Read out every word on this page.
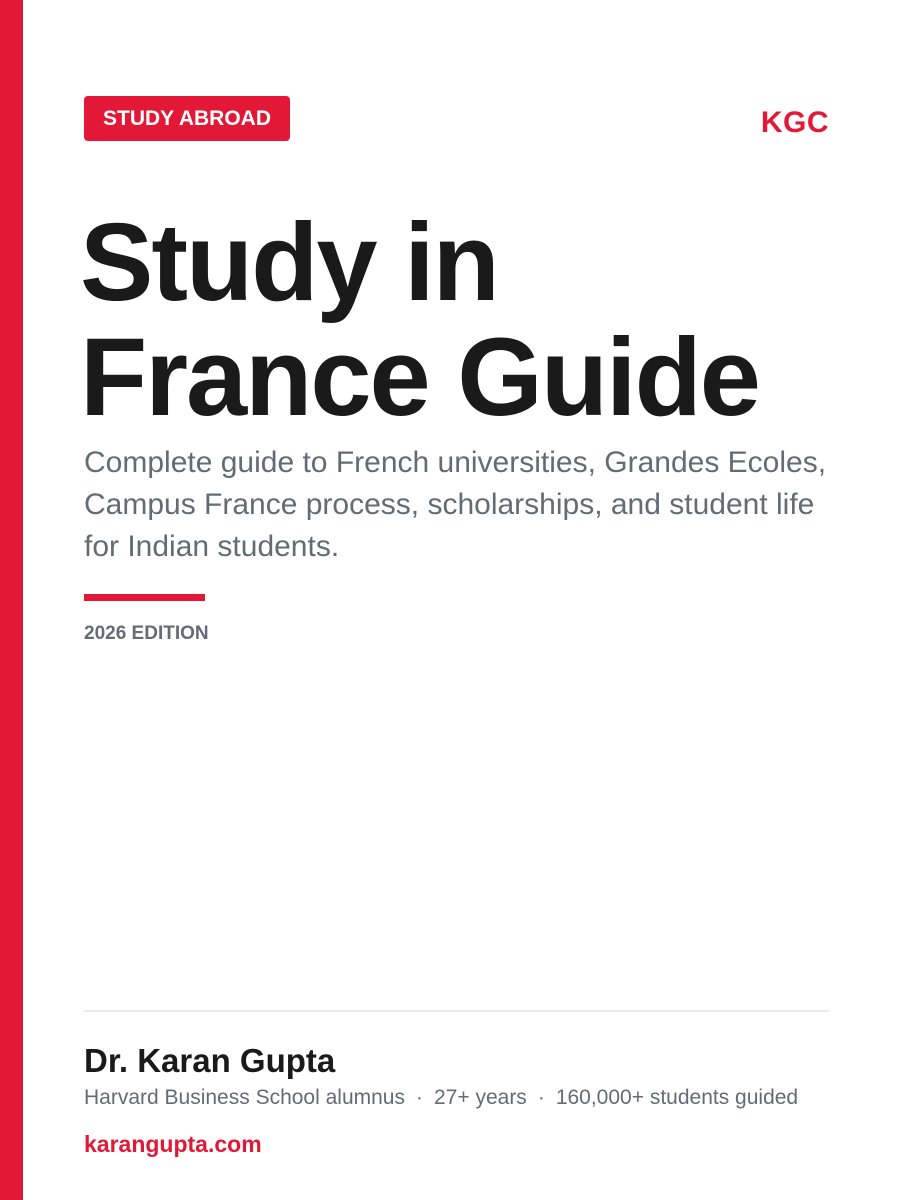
STUDY ABROAD	KGC
Study in
France Guide

Complete guide to French universities, Grandes Ecoles, Campus France process, scholarships, and student life for Indian students.

2026 EDITION
Dr. Karan Gupta
Harvard Business School alumnus · 27+ years · 160,000+ students guided
karangupta.com
